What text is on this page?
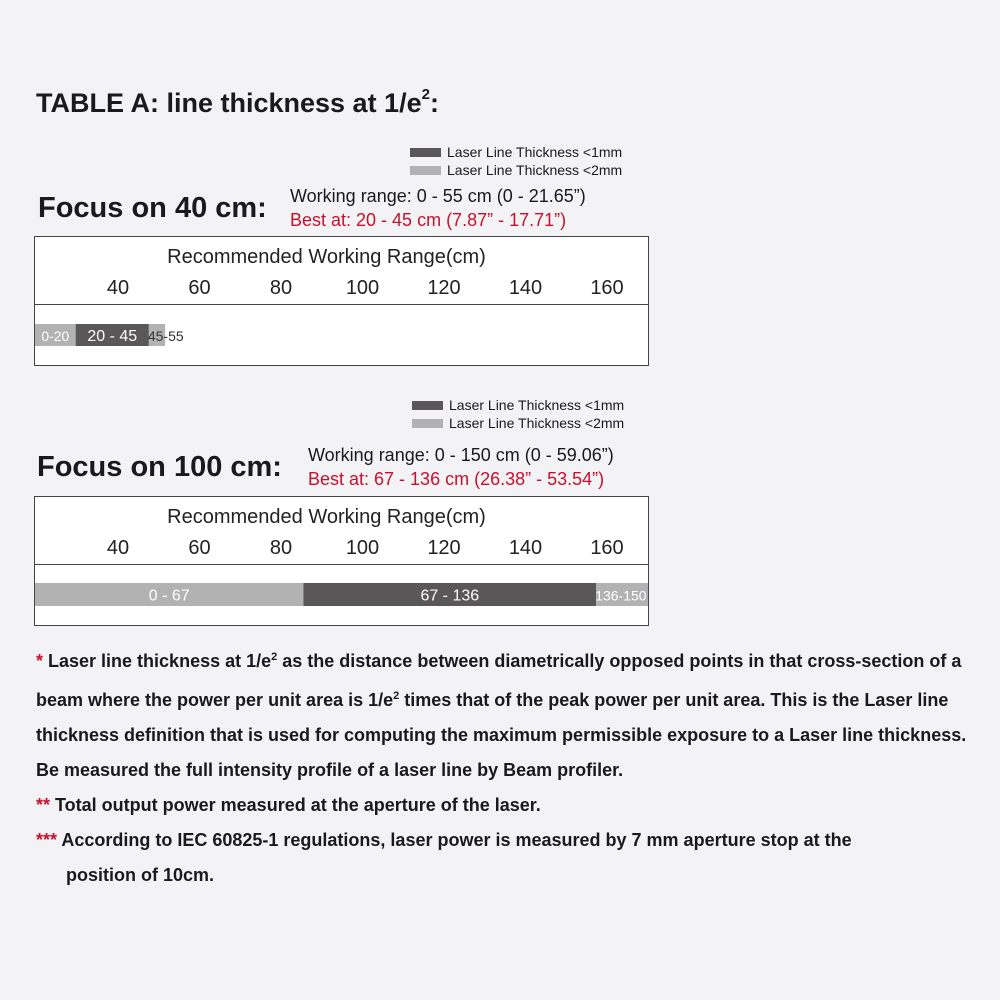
TABLE A: line thickness at $1/e^2$:
Laser Line Thickness <1mm
Laser Line Thickness <2mm
Focus on 40 cm: Working range: 0 - 55 cm (0 - 21.65”)
Best at: 20 - 45 cm (7.87” - 17.71”)
Recommended Working Range(cm)
40	60	80	100 120 140 160
0-20 20 - 45 45-55
Laser Line Thickness <1mm
Laser Line Thickness <2mm
Focus on 100 cm: Working range: 0 - 150 cm (0 - 59.06”)
Best at: 67 - 136 cm (26.38” - 53.54”)
Recommended Working Range(cm)
40	60	80	100 120 140 160
0 - 67	67 - 136	136-150

* Laser line thickness at $1/e^2$ as the distance between diametrically opposed points in that cross-section of a beam where the power per unit area is $1/e^2$ times that of the peak power per unit area. This is the Laser line thickness definition that is used for computing the maximum permissible exposure to a Laser line thickness. Be measured the full intensity profile of a laser line by Beam profiler.

** Total output power measured at the aperture of the laser.

*** According to IEC 60825-1 regulations, laser power is measured by 7 mm aperture stop at the

position of 10cm.
